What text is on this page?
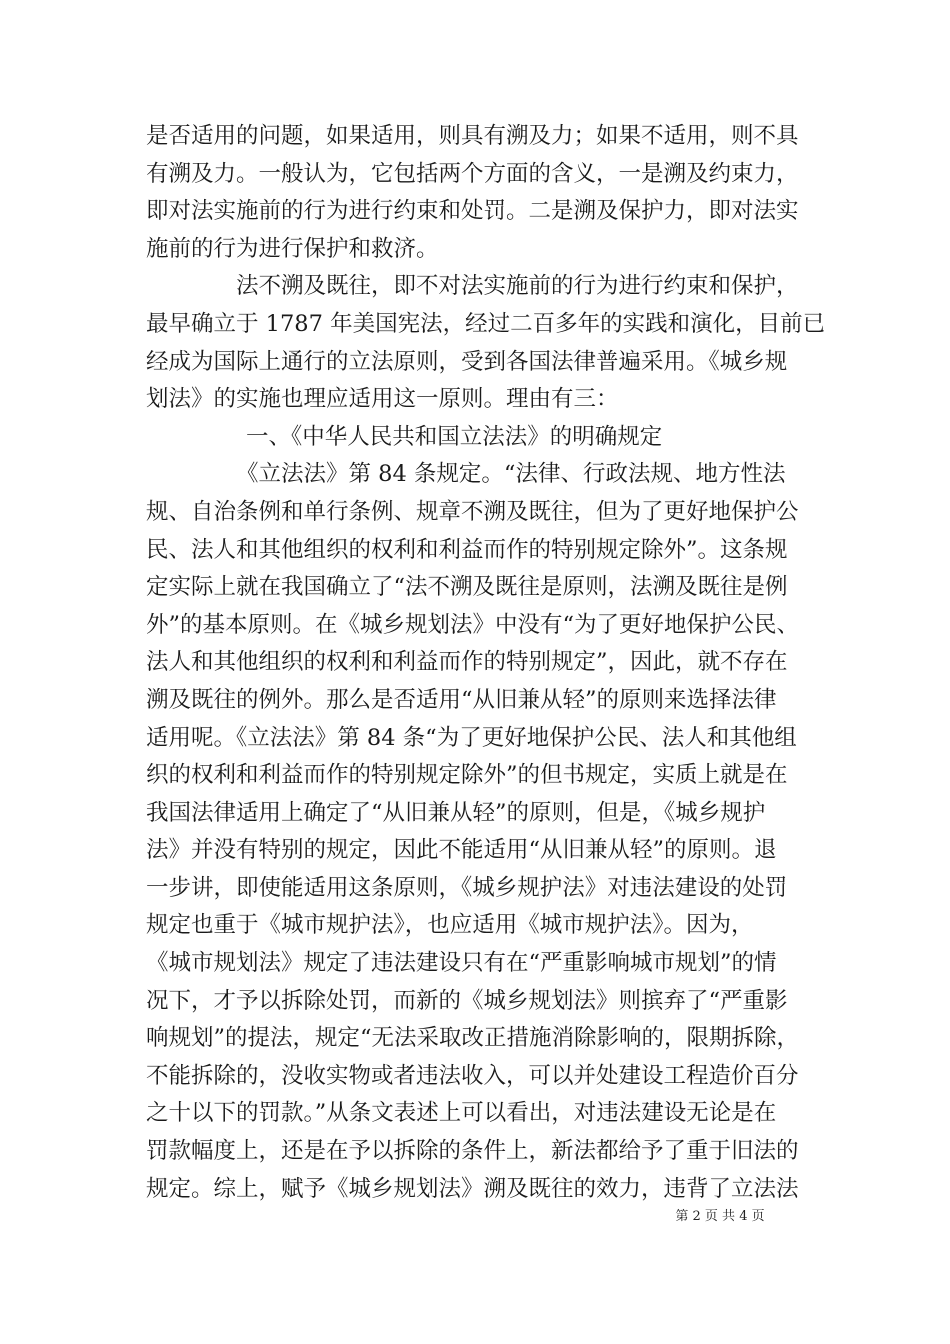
是否适用的问题，如果适用，则具有溯及力；如果不适用，则不具
有溯及力。一般认为，它包括两个方面的含义，一是溯及约束力，
即对法实施前的行为进行约束和处罚。二是溯及保护力，即对法实
施前的行为进行保护和救济。
法不溯及既往，即不对法实施前的行为进行约束和保护，
最早确立于 1787 年美国宪法，经过二百多年的实践和演化，目前已
经成为国际上通行的立法原则，受到各国法律普遍采用。《城乡规
划法》的实施也理应适用这一原则。理由有三：
一、《中华人民共和国立法法》的明确规定
《立法法》第 84 条规定。“法律、行政法规、地方性法
规、自治条例和单行条例、规章不溯及既往，但为了更好地保护公
民、法人和其他组织的权利和利益而作的特别规定除外”。这条规
定实际上就在我国确立了“法不溯及既往是原则，法溯及既往是例
外”的基本原则。在《城乡规划法》中没有“为了更好地保护公民、
法人和其他组织的权利和利益而作的特别规定”，因此，就不存在
溯及既往的例外。那么是否适用“从旧兼从轻”的原则来选择法律
适用呢。《立法法》第 84 条“为了更好地保护公民、法人和其他组
织的权利和利益而作的特别规定除外”的但书规定，实质上就是在
我国法律适用上确定了“从旧兼从轻”的原则，但是，《城乡规护
法》并没有特别的规定，因此不能适用“从旧兼从轻”的原则。退
一步讲，即使能适用这条原则，《城乡规护法》对违法建设的处罚
规定也重于《城市规护法》，也应适用《城市规护法》。因为，
《城市规划法》规定了违法建设只有在“严重影响城市规划”的情
况下，才予以拆除处罚，而新的《城乡规划法》则摈弃了“严重影
响规划”的提法，规定“无法采取改正措施消除影响的，限期拆除，
不能拆除的，没收实物或者违法收入，可以并处建设工程造价百分
之十以下的罚款。”从条文表述上可以看出，对违法建设无论是在
罚款幅度上，还是在予以拆除的条件上，新法都给予了重于旧法的
规定。综上，赋予《城乡规划法》溯及既往的效力，违背了立法法
第 2 页 共 4 页
